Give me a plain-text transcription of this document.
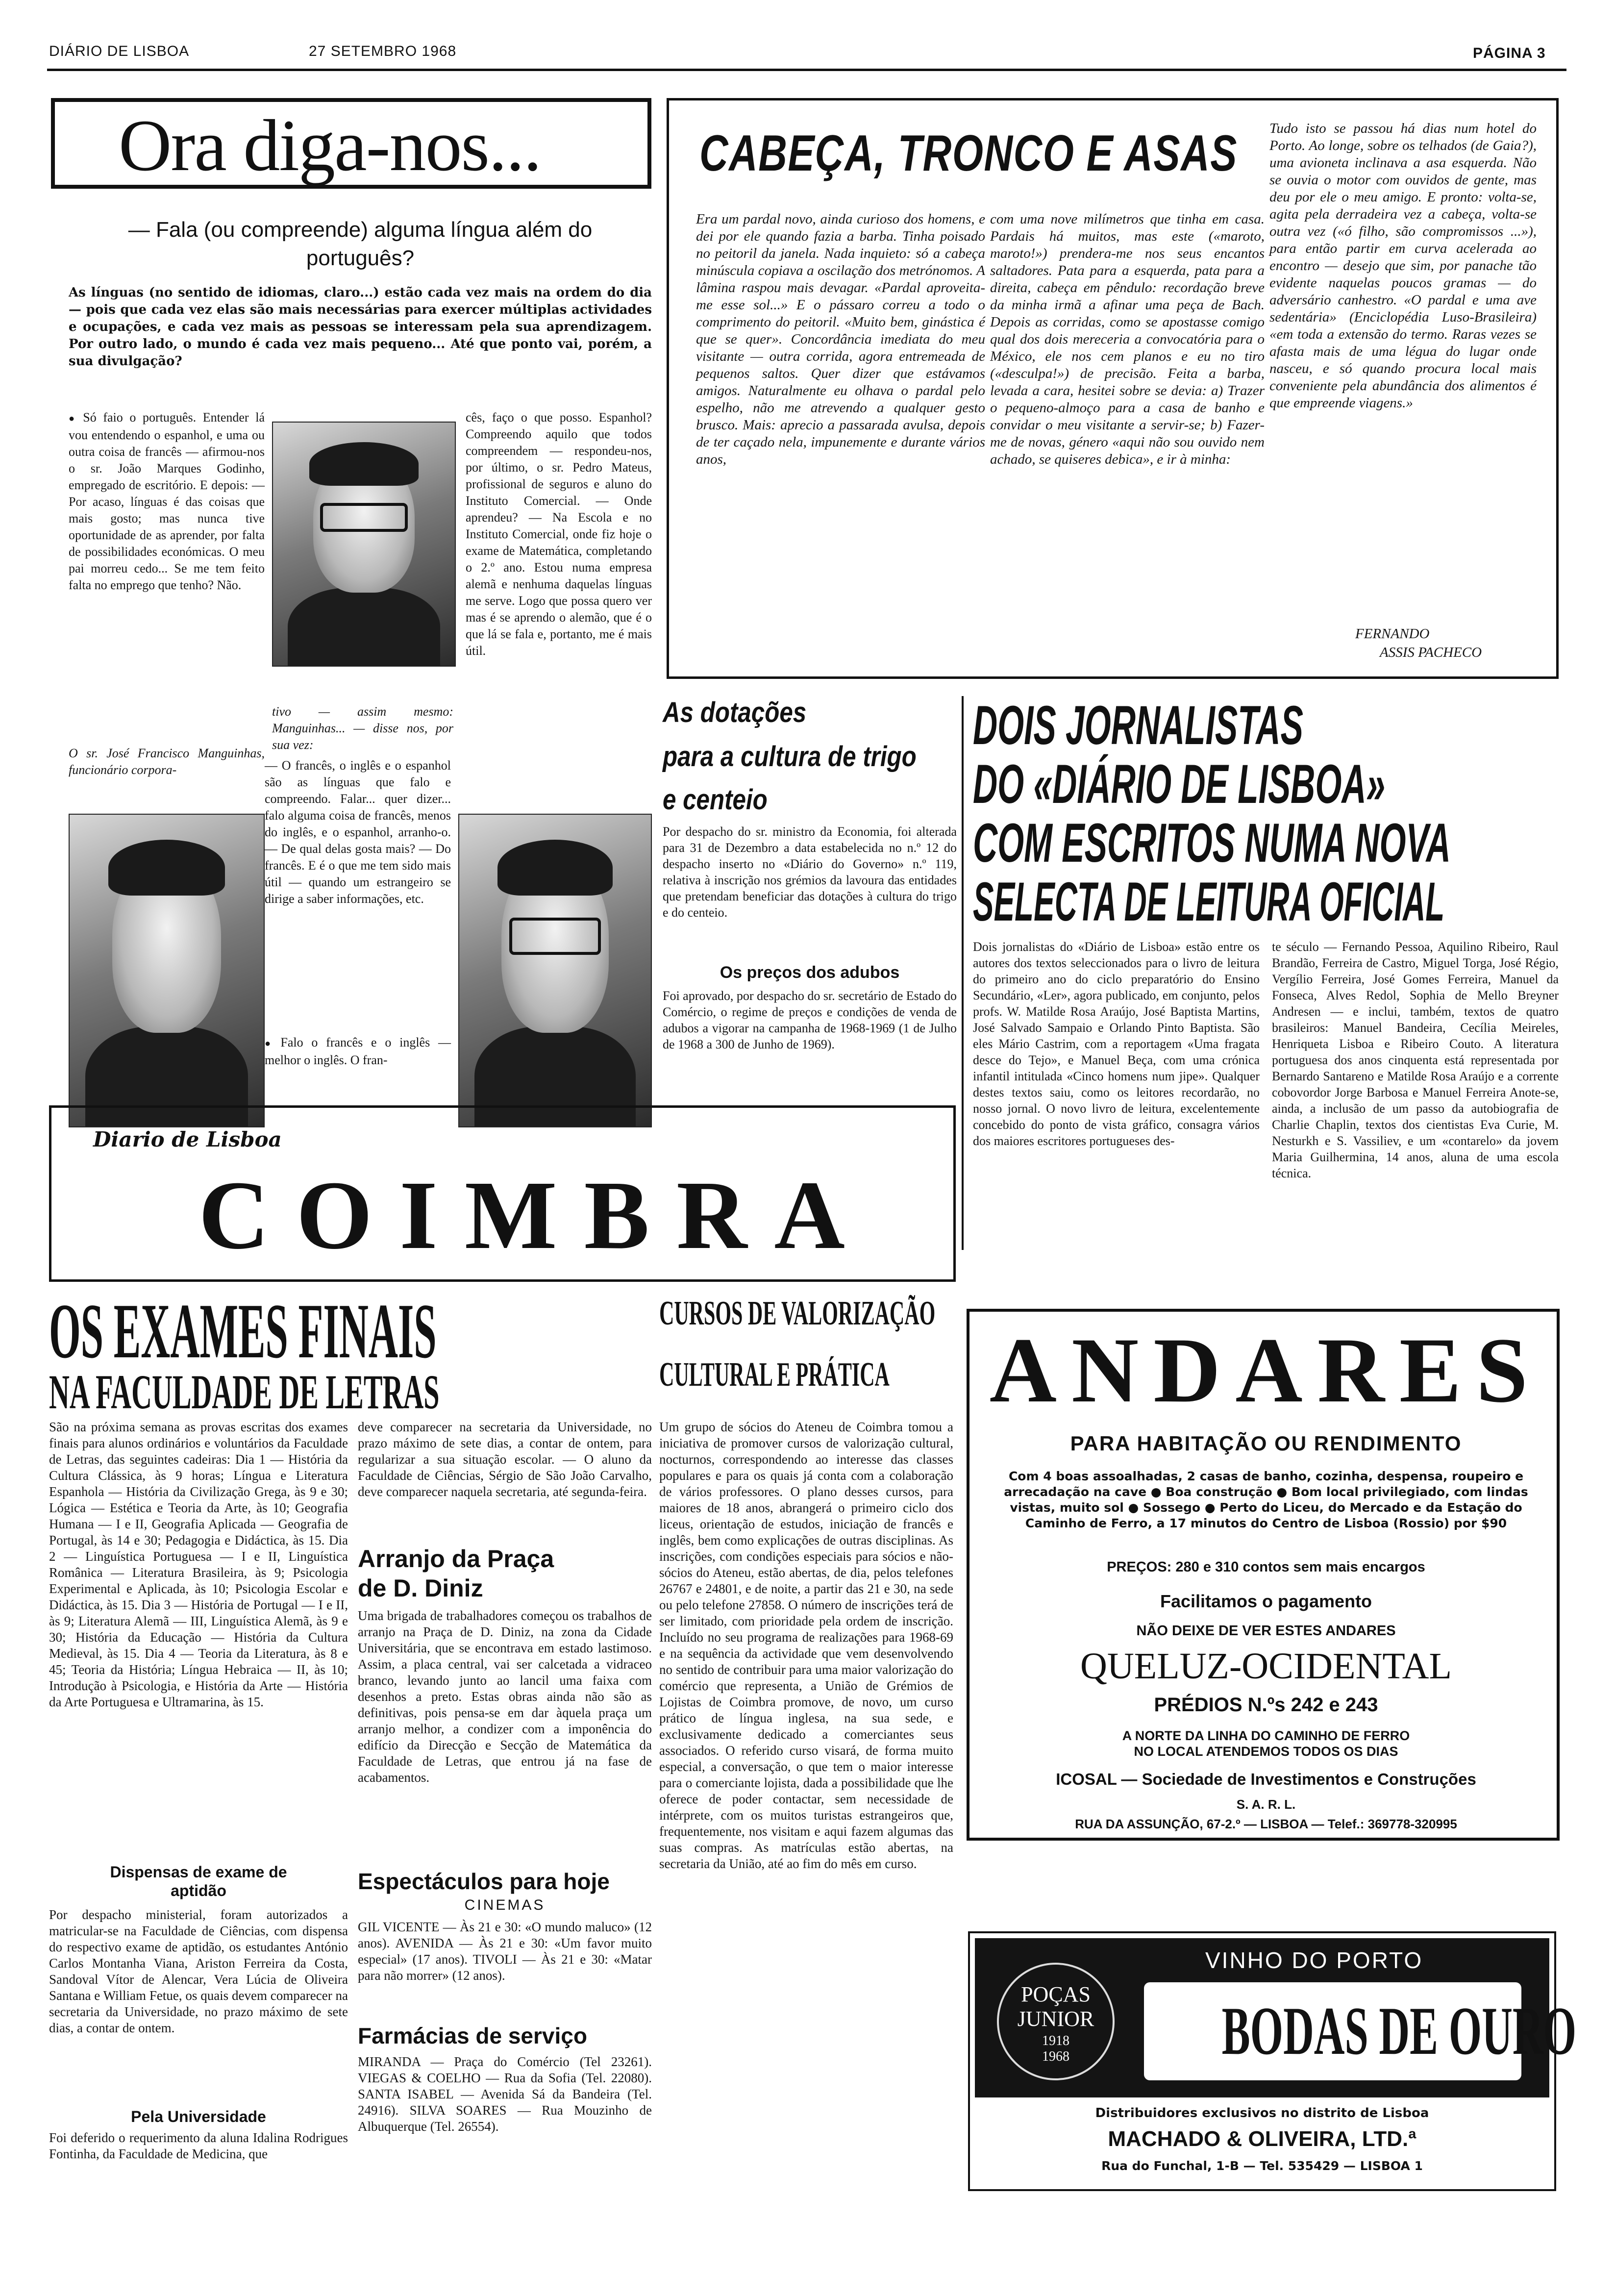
DIÁRIO DE LISBOA	27 SETEMBRO 1968	PÁGINA 3
Ora diga-nos...
— Fala (ou compreende) alguma língua além do português?
As línguas (no sentido de idiomas, claro...) estão cada vez mais na ordem do dia — pois que cada vez elas são mais necessárias para exercer múltiplas actividades e ocupações, e cada vez mais as pessoas se interessam pela sua aprendizagem. Por outro lado, o mundo é cada vez mais pequeno... Até que ponto vai, porém, a sua divulgação?
● Só faio o português. Entender lá vou entendendo o espanhol, e uma ou outra coisa de francês — afirmou-nos o sr. João Marques Godinho, empregado de escritório. E depois: — Por acaso, línguas é das coisas que mais gosto; mas nunca tive oportunidade de as aprender, por falta de possibilidades económicas. O meu pai morreu cedo... Se me tem feito falta no emprego que tenho? Não.
O sr. José Francisco Manguinhas, funcionário corpora-
cês, faço o que posso. Espanhol? Compreendo aquilo que todos compreendem — respondeu-nos, por último, o sr. Pedro Mateus, profissional de seguros e aluno do Instituto Comercial. — Onde aprendeu? — Na Escola e no Instituto Comercial, onde fiz hoje o exame de Matemática, completando o 2.º ano. Estou numa empresa alemã e nenhuma daquelas línguas me serve. Logo que possa quero ver mas é se aprendo o alemão, que é o que lá se fala e, portanto, me é mais útil.
tivo — assim mesmo: Manguinhas... — disse nos, por sua vez:
— O francês, o inglês e o espanhol são as línguas que falo e compreendo. Falar... quer dizer... falo alguma coisa de francês, menos do inglês, e o espanhol, arranho-o. — De qual delas gosta mais? — Do francês. E é o que me tem sido mais útil — quando um estrangeiro se dirige a saber informações, etc.
● Falo o francês e o inglês — melhor o inglês. O fran-
CABEÇA, TRONCO E ASAS
Era um pardal novo, ainda curioso dos homens, e dei por ele quando fazia a barba. Tinha poisado no peitoril da janela. Nada inquieto: só a cabeça minúscula copiava a oscilação dos metrónomos. A lâmina raspou mais devagar. «Pardal aproveita-me esse sol...» E o pássaro correu a todo o comprimento do peitoril. «Muito bem, ginástica é que se quer». Concordância imediata do meu visitante — outra corrida, agora entremeada de pequenos saltos. Quer dizer que estávamos amigos. Naturalmente eu olhava o pardal pelo espelho, não me atrevendo a qualquer gesto brusco. Mais: aprecio a passarada avulsa, depois de ter caçado nela, impunemente e durante vários anos,
com uma nove milímetros que tinha em casa. Pardais há muitos, mas este («maroto, maroto!») prendera-me nos seus encantos saltadores. Pata para a esquerda, pata para a direita, cabeça em pêndulo: recordação breve da minha irmã a afinar uma peça de Bach. Depois as corridas, como se apostasse comigo qual dos dois mereceria a convocatória para o México, ele nos cem planos e eu no tiro («desculpa!») de precisão. Feita a barba, levada a cara, hesitei sobre se devia: a) Trazer o pequeno-almoço para a casa de banho e convidar o meu visitante a servir-se; b) Fazer-me de novas, género «aqui não sou ouvido nem achado, se quiseres debica», e ir à minha:
Tudo isto se passou há dias num hotel do Porto. Ao longe, sobre os telhados (de Gaia?), uma avioneta inclinava a asa esquerda. Não se ouvia o motor com ouvidos de gente, mas deu por ele o meu amigo. E pronto: volta-se, agita pela derradeira vez a cabeça, volta-se outra vez («ó filho, são compromissos ...»), para então partir em curva acelerada ao encontro — desejo que sim, por panache tão evidente naquelas poucos gramas — do adversário canhestro. «O pardal e uma ave sedentária» (Enciclopédia Luso-Brasileira) «em toda a extensão do termo. Raras vezes se afasta mais de uma légua do lugar onde nasceu, e só quando procura local mais conveniente pela abundância dos alimentos é que empreende viagens.»
FERNANDO
ASSIS PACHECO
As dotações
para a cultura de trigo
e centeio
Por despacho do sr. ministro da Economia, foi alterada para 31 de Dezembro a data estabelecida no n.º 12 do despacho inserto no «Diário do Governo» n.º 119, relativa à inscrição nos grémios da lavoura das entidades que pretendam beneficiar das dotações à cultura do trigo e do centeio.
Os preços dos adubos
Foi aprovado, por despacho do sr. secretário de Estado do Comércio, o regime de preços e condições de venda de adubos a vigorar na campanha de 1968-1969 (1 de Julho de 1968 a 300 de Junho de 1969).
DOIS JORNALISTAS
DO «DIÁRIO DE LISBOA»
COM ESCRITOS NUMA NOVA
SELECTA DE LEITURA OFICIAL
Dois jornalistas do «Diário de Lisboa» estão entre os autores dos textos seleccionados para o livro de leitura do primeiro ano do ciclo preparatório do Ensino Secundário, «Ler», agora publicado, em conjunto, pelos profs. W. Matilde Rosa Araújo, José Baptista Martins, José Salvado Sampaio e Orlando Pinto Baptista. São eles Mário Castrim, com a reportagem «Uma fragata desce do Tejo», e Manuel Beça, com uma crónica infantil intitulada «Cinco homens num jipe». Qualquer destes textos saiu, como os leitores recordarão, no nosso jornal. O novo livro de leitura, excelentemente concebido do ponto de vista gráfico, consagra vários dos maiores escritores portugueses des-
te século — Fernando Pessoa, Aquilino Ribeiro, Raul Brandão, Ferreira de Castro, Miguel Torga, José Régio, Vergílio Ferreira, José Gomes Ferreira, Manuel da Fonseca, Alves Redol, Sophia de Mello Breyner Andresen — e inclui, também, textos de quatro brasileiros: Manuel Bandeira, Cecília Meireles, Henriqueta Lisboa e Ribeiro Couto. A literatura portuguesa dos anos cinquenta está representada por Bernardo Santareno e Matilde Rosa Araújo e a corrente cobovordor Jorge Barbosa e Manuel Ferreira Anote-se, ainda, a inclusão de um passo da autobiografia de Charlie Chaplin, textos dos cientistas Eva Curie, M. Nesturkh e S. Vassiliev, e um «contarelo» da jovem Maria Guilhermina, 14 anos, aluna de uma escola técnica.
Diario de Lisboa
COIMBRA
OS EXAMES FINAIS
NA FACULDADE DE LETRAS
São na próxima semana as provas escritas dos exames finais para alunos ordinários e voluntários da Faculdade de Letras, das seguintes cadeiras: Dia 1 — História da Cultura Clássica, às 9 horas; Língua e Literatura Espanhola — História da Civilização Grega, às 9 e 30; Lógica — Estética e Teoria da Arte, às 10; Geografia Humana — I e II, Geografia Aplicada — Geografia de Portugal, às 14 e 30; Pedagogia e Didáctica, às 15. Dia 2 — Linguística Portuguesa — I e II, Linguística Românica — Literatura Brasileira, às 9; Psicologia Experimental e Aplicada, às 10; Psicologia Escolar e Didáctica, às 15. Dia 3 — História de Portugal — I e II, às 9; Literatura Alemã — III, Linguística Alemã, às 9 e 30; História da Educação — História da Cultura Medieval, às 15. Dia 4 — Teoria da Literatura, às 8 e 45; Teoria da História; Língua Hebraica — II, às 10; Introdução à Psicologia, e História da Arte — História da Arte Portuguesa e Ultramarina, às 15.
Dispensas de exame de aptidão
Por despacho ministerial, foram autorizados a matricular-se na Faculdade de Ciências, com dispensa do respectivo exame de aptidão, os estudantes António Carlos Montanha Viana, Ariston Ferreira da Costa, Sandoval Vítor de Alencar, Vera Lúcia de Oliveira Santana e William Fetue, os quais devem comparecer na secretaria da Universidade, no prazo máximo de sete dias, a contar de ontem.
Pela Universidade
Foi deferido o requerimento da aluna Idalina Rodrigues Fontinha, da Faculdade de Medicina, que
deve comparecer na secretaria da Universidade, no prazo máximo de sete dias, a contar de ontem, para regularizar a sua situação escolar. — O aluno da Faculdade de Ciências, Sérgio de São João Carvalho, deve comparecer naquela secretaria, até segunda-feira.
Arranjo da Praça
de D. Diniz
Uma brigada de trabalhadores começou os trabalhos de arranjo na Praça de D. Diniz, na zona da Cidade Universitária, que se encontrava em estado lastimoso. Assim, a placa central, vai ser calcetada a vidraceo branco, levando junto ao lancil uma faixa com desenhos a preto. Estas obras ainda não são as definitivas, pois pensa-se em dar àquela praça um arranjo melhor, a condizer com a imponência do edifício da Direcção e Secção de Matemática da Faculdade de Letras, que entrou já na fase de acabamentos.
Espectáculos para hoje
CINEMAS
GIL VICENTE — Às 21 e 30: «O mundo maluco» (12 anos). AVENIDA — Às 21 e 30: «Um favor muito especial» (17 anos). TIVOLI — Às 21 e 30: «Matar para não morrer» (12 anos).
Farmácias de serviço
MIRANDA — Praça do Comércio (Tel 23261). VIEGAS & COELHO — Rua da Sofia (Tel. 22080). SANTA ISABEL — Avenida Sá da Bandeira (Tel. 24916). SILVA SOARES — Rua Mouzinho de Albuquerque (Tel. 26554).
CURSOS DE VALORIZAÇÃO
CULTURAL E PRÁTICA
Um grupo de sócios do Ateneu de Coimbra tomou a iniciativa de promover cursos de valorização cultural, nocturnos, correspondendo ao interesse das classes populares e para os quais já conta com a colaboração de vários professores. O plano desses cursos, para maiores de 18 anos, abrangerá o primeiro ciclo dos liceus, orientação de estudos, iniciação de francês e inglês, bem como explicações de outras disciplinas. As inscrições, com condições especiais para sócios e não-sócios do Ateneu, estão abertas, de dia, pelos telefones 26767 e 24801, e de noite, a partir das 21 e 30, na sede ou pelo telefone 27858. O número de inscrições terá de ser limitado, com prioridade pela ordem de inscrição. Incluído no seu programa de realizações para 1968-69 e na sequência da actividade que vem desenvolvendo no sentido de contribuir para uma maior valorização do comércio que representa, a União de Grémios de Lojistas de Coimbra promove, de novo, um curso prático de língua inglesa, na sua sede, e exclusivamente dedicado a comerciantes seus associados. O referido curso visará, de forma muito especial, a conversação, o que tem o maior interesse para o comerciante lojista, dada a possibilidade que lhe oferece de poder contactar, sem necessidade de intérprete, com os muitos turistas estrangeiros que, frequentemente, nos visitam e aqui fazem algumas das suas compras. As matrículas estão abertas, na secretaria da União, até ao fim do mês em curso.
ANDARES
PARA HABITAÇÃO OU RENDIMENTO
Com 4 boas assoalhadas, 2 casas de banho, cozinha, despensa, roupeiro e arrecadação na cave ● Boa construção ● Bom local privilegiado, com lindas vistas, muito sol ● Sossego ● Perto do Liceu, do Mercado e da Estação do Caminho de Ferro, a 17 minutos do Centro de Lisboa (Rossio) por $90
PREÇOS: 280 e 310 contos sem mais encargos
Facilitamos o pagamento
NÃO DEIXE DE VER ESTES ANDARES
QUELUZ-OCIDENTAL
PRÉDIOS N.ºs 242 e 243
A NORTE DA LINHA DO CAMINHO DE FERRO
NO LOCAL ATENDEMOS TODOS OS DIAS
ICOSAL — Sociedade de Investimentos e Construções
S. A. R. L.
RUA DA ASSUNÇÃO, 67-2.º — LISBOA — Telef.: 369778-320995
VINHO DO PORTO
POÇAS
JUNIOR
1918
1968	BODAS DE OURO
Distribuidores exclusivos no distrito de Lisboa
MACHADO & OLIVEIRA, LTD.ª
Rua do Funchal, 1-B — Tel. 535429 — LISBOA 1
